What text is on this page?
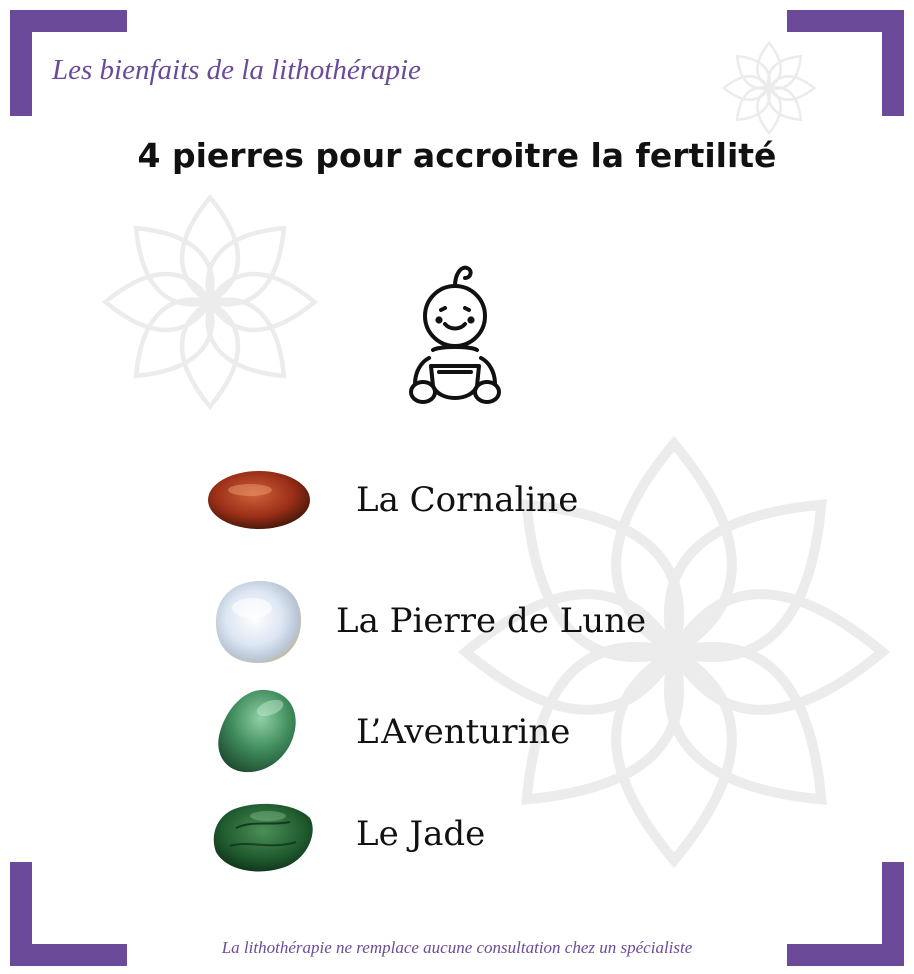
Les bienfaits de la lithothérapie
4 pierres pour accroitre la fertilité
La Cornaline
La Pierre de Lune
L’Aventurine
Le Jade
La lithothérapie ne remplace aucune consultation chez un spécialiste
